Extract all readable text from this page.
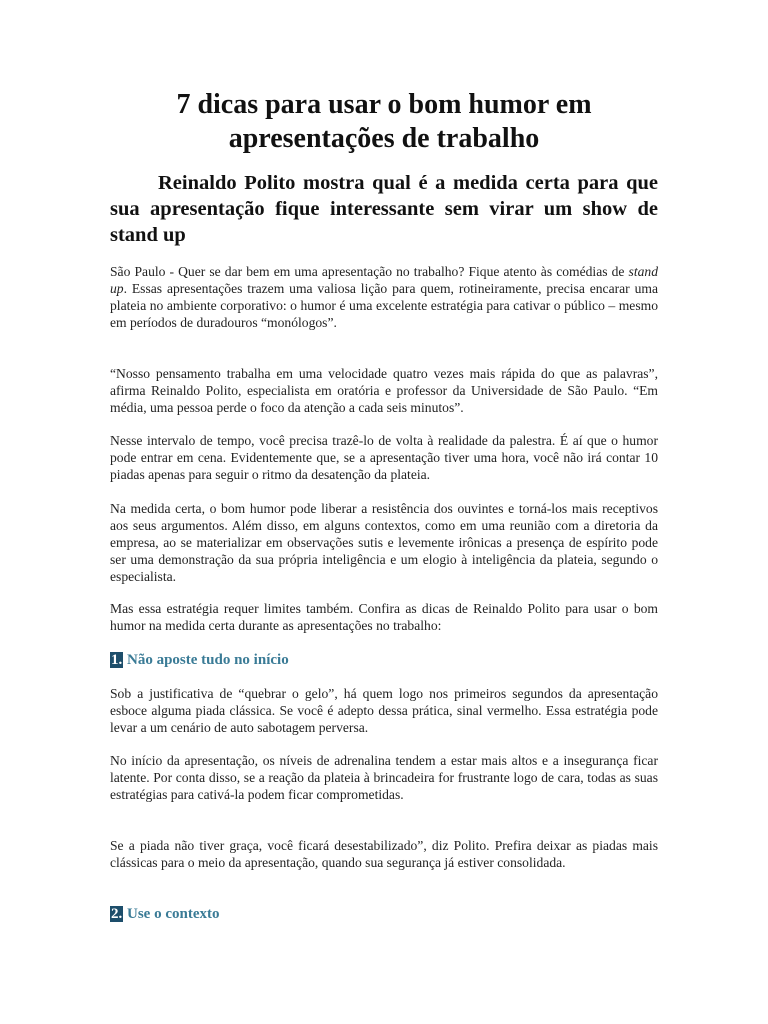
7 dicas para usar o bom humor em
apresentações de trabalho
Reinaldo Polito mostra qual é a medida certa para que sua apresentação fique interessante sem virar um show de stand up

São Paulo - Quer se dar bem em uma apresentação no trabalho? Fique atento às comédias de stand up. Essas apresentações trazem uma valiosa lição para quem, rotineiramente, precisa encarar uma plateia no ambiente corporativo: o humor é uma excelente estratégia para cativar o público – mesmo em períodos de duradouros “monólogos”.

“Nosso pensamento trabalha em uma velocidade quatro vezes mais rápida do que as palavras”, afirma Reinaldo Polito, especialista em oratória e professor da Universidade de São Paulo. “Em média, uma pessoa perde o foco da atenção a cada seis minutos”.

Nesse intervalo de tempo, você precisa trazê-lo de volta à realidade da palestra. É aí que o humor pode entrar em cena. Evidentemente que, se a apresentação tiver uma hora, você não irá contar 10 piadas apenas para seguir o ritmo da desatenção da plateia.

Na medida certa, o bom humor pode liberar a resistência dos ouvintes e torná-los mais receptivos aos seus argumentos. Além disso, em alguns contextos, como em uma reunião com a diretoria da empresa, ao se materializar em observações sutis e levemente irônicas a presença de espírito pode ser uma demonstração da sua própria inteligência e um elogio à inteligência da plateia, segundo o especialista.

Mas essa estratégia requer limites também. Confira as dicas de Reinaldo Polito para usar o bom humor na medida certa durante as apresentações no trabalho:

1. Não aposte tudo no início

Sob a justificativa de “quebrar o gelo”, há quem logo nos primeiros segundos da apresentação esboce alguma piada clássica. Se você é adepto dessa prática, sinal vermelho. Essa estratégia pode levar a um cenário de auto sabotagem perversa.

No início da apresentação, os níveis de adrenalina tendem a estar mais altos e a insegurança ficar latente. Por conta disso, se a reação da plateia à brincadeira for frustrante logo de cara, todas as suas estratégias para cativá-la podem ficar comprometidas.

Se a piada não tiver graça, você ficará desestabilizado”, diz Polito. Prefira deixar as piadas mais clássicas para o meio da apresentação, quando sua segurança já estiver consolidada.

2. Use o contexto
